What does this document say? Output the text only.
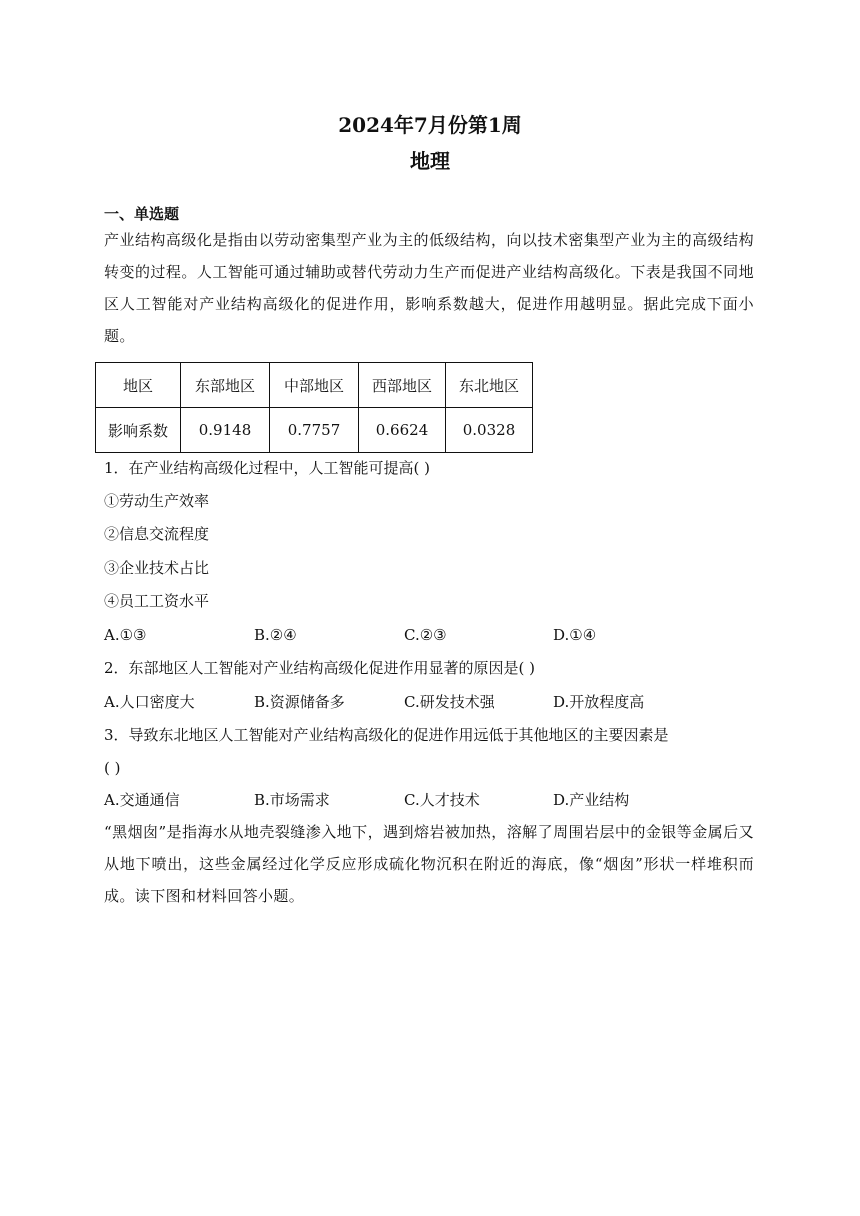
2024年7月份第1周
地理
一、单选题
产业结构高级化是指由以劳动密集型产业为主的低级结构，向以技术密集型产业为主的高级结构转变的过程。人工智能可通过辅助或替代劳动力生产而促进产业结构高级化。下表是我国不同地区人工智能对产业结构高级化的促进作用，影响系数越大，促进作用越明显。据此完成下面小题。
地区	东部地区	中部地区	西部地区	东北地区
影响系数	0.9148	0.7757	0.6624	0.0328
1．在产业结构高级化过程中，人工智能可提高( )
①劳动生产效率
②信息交流程度
③企业技术占比
④员工工资水平
A.①③	B.②④	C.②③	D.①④
2．东部地区人工智能对产业结构高级化促进作用显著的原因是( )
A.人口密度大	B.资源储备多	C.研发技术强	D.开放程度高
3．导致东北地区人工智能对产业结构高级化的促进作用远低于其他地区的主要因素是
( )
A.交通通信	B.市场需求	C.人才技术	D.产业结构
“黑烟囱”是指海水从地壳裂缝渗入地下，遇到熔岩被加热，溶解了周围岩层中的金银等金属后又从地下喷出，这些金属经过化学反应形成硫化物沉积在附近的海底，像“烟囱”形状一样堆积而成。读下图和材料回答小题。
